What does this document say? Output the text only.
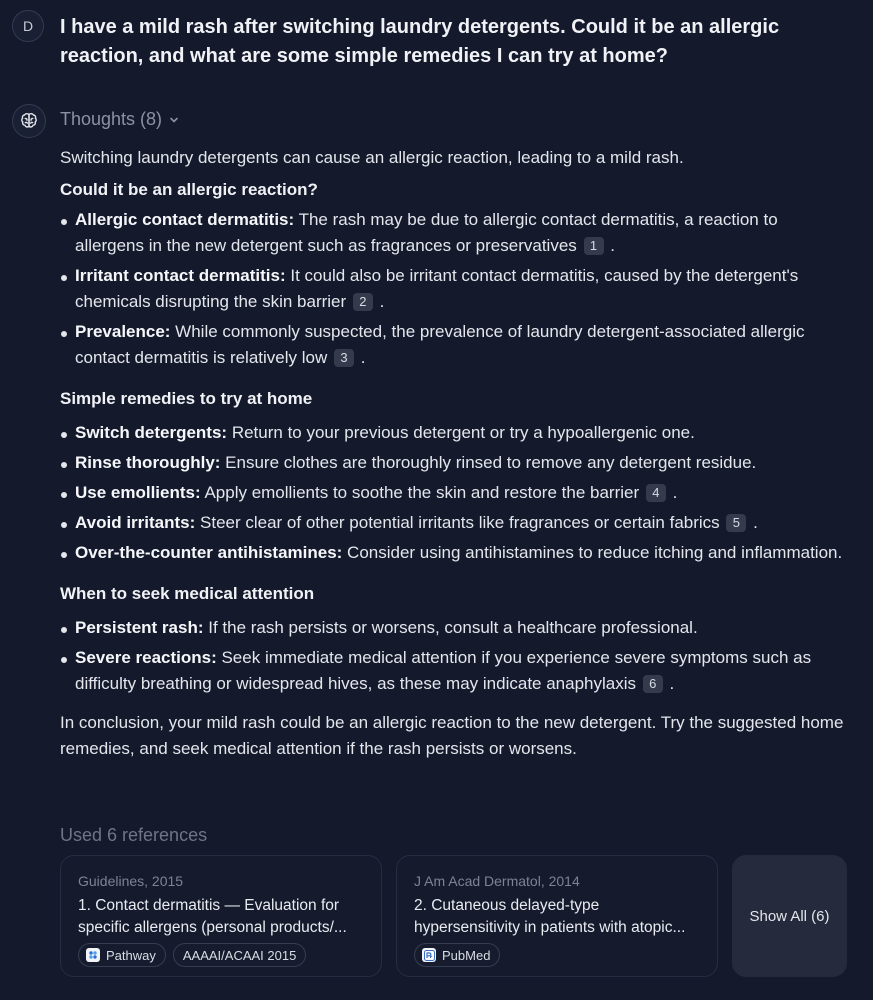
D	I have a mild rash after switching laundry detergents. Could it be an allergic reaction, and what are some simple remedies I can try at home?
Thoughts (8)

Switching laundry detergents can cause an allergic reaction, leading to a mild rash.

Could it be an allergic reaction?
Allergic contact dermatitis: The rash may be due to allergic contact dermatitis, a reaction to allergens in the new detergent such as fragrances or preservatives 1 .
Irritant contact dermatitis: It could also be irritant contact dermatitis, caused by the detergent's chemicals disrupting the skin barrier 2 .
Prevalence: While commonly suspected, the prevalence of laundry detergent-associated allergic contact dermatitis is relatively low 3 .
Simple remedies to try at home
Switch detergents: Return to your previous detergent or try a hypoallergenic one.
Rinse thoroughly: Ensure clothes are thoroughly rinsed to remove any detergent residue.
Use emollients: Apply emollients to soothe the skin and restore the barrier 4 .
Avoid irritants: Steer clear of other potential irritants like fragrances or certain fabrics 5 .
Over-the-counter antihistamines: Consider using antihistamines to reduce itching and inflammation.
When to seek medical attention
Persistent rash: If the rash persists or worsens, consult a healthcare professional.
Severe reactions: Seek immediate medical attention if you experience severe symptoms such as difficulty breathing or widespread hives, as these may indicate anaphylaxis 6 .

In conclusion, your mild rash could be an allergic reaction to the new detergent. Try the suggested home remedies, and seek medical attention if the rash persists or worsens.

Used 6 references
Guidelines, 2015
1. Contact dermatitis — Evaluation for
specific allergens (personal products/...
Pathway AAAAI/ACAAI 2015
J Am Acad Dermatol, 2014
2. Cutaneous delayed-type
hypersensitivity in patients with atopic...
PubMed
Show All (6)
